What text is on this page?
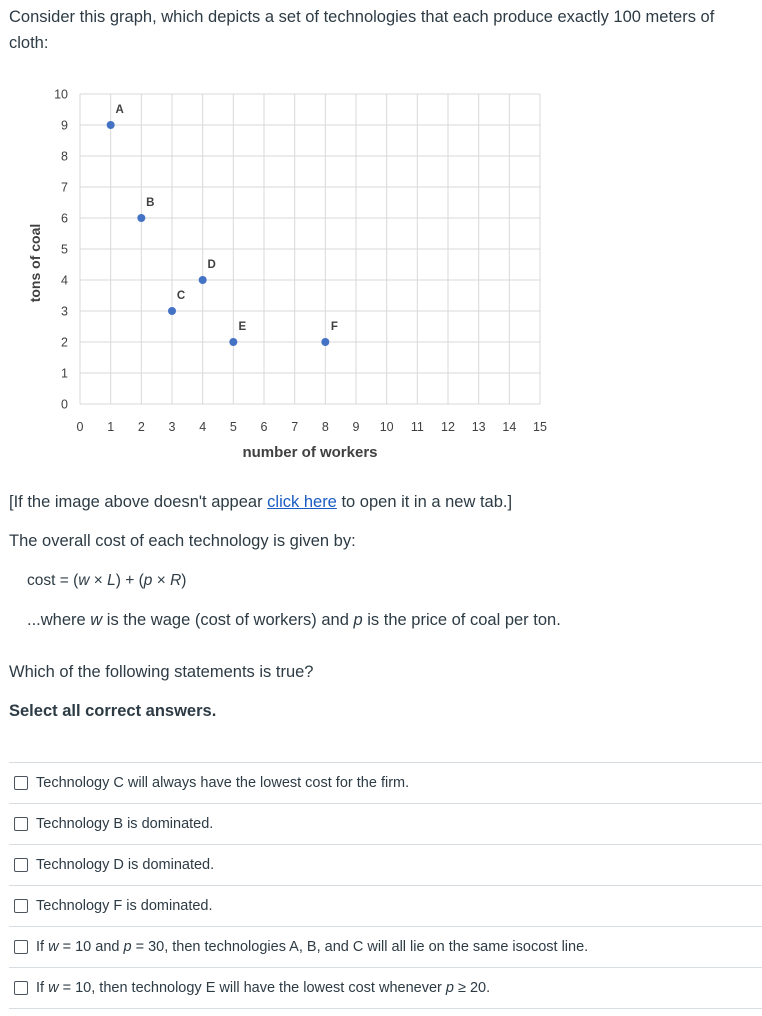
Consider this graph, which depicts a set of technologies that each produce exactly 100 meters of cloth:

0 1 2 3 4 5 6 7 8 9 10 11 12 13 14 15
0
1
2
3
4
5
6
7
8
9
10
number of workers
tons of coal
A
B
C
D
E	F

[If the image above doesn't appear click here to open it in a new tab.]

The overall cost of each technology is given by:

cost = (w × L) + (p × R)

...where w is the wage (cost of workers) and p is the price of coal per ton.

Which of the following statements is true?

Select all correct answers.

Technology C will always have the lowest cost for the firm.
Technology B is dominated.
Technology D is dominated.
Technology F is dominated.
If w = 10 and p = 30, then technologies A, B, and C will all lie on the same isocost line.
If w = 10, then technology E will have the lowest cost whenever p ≥ 20.
